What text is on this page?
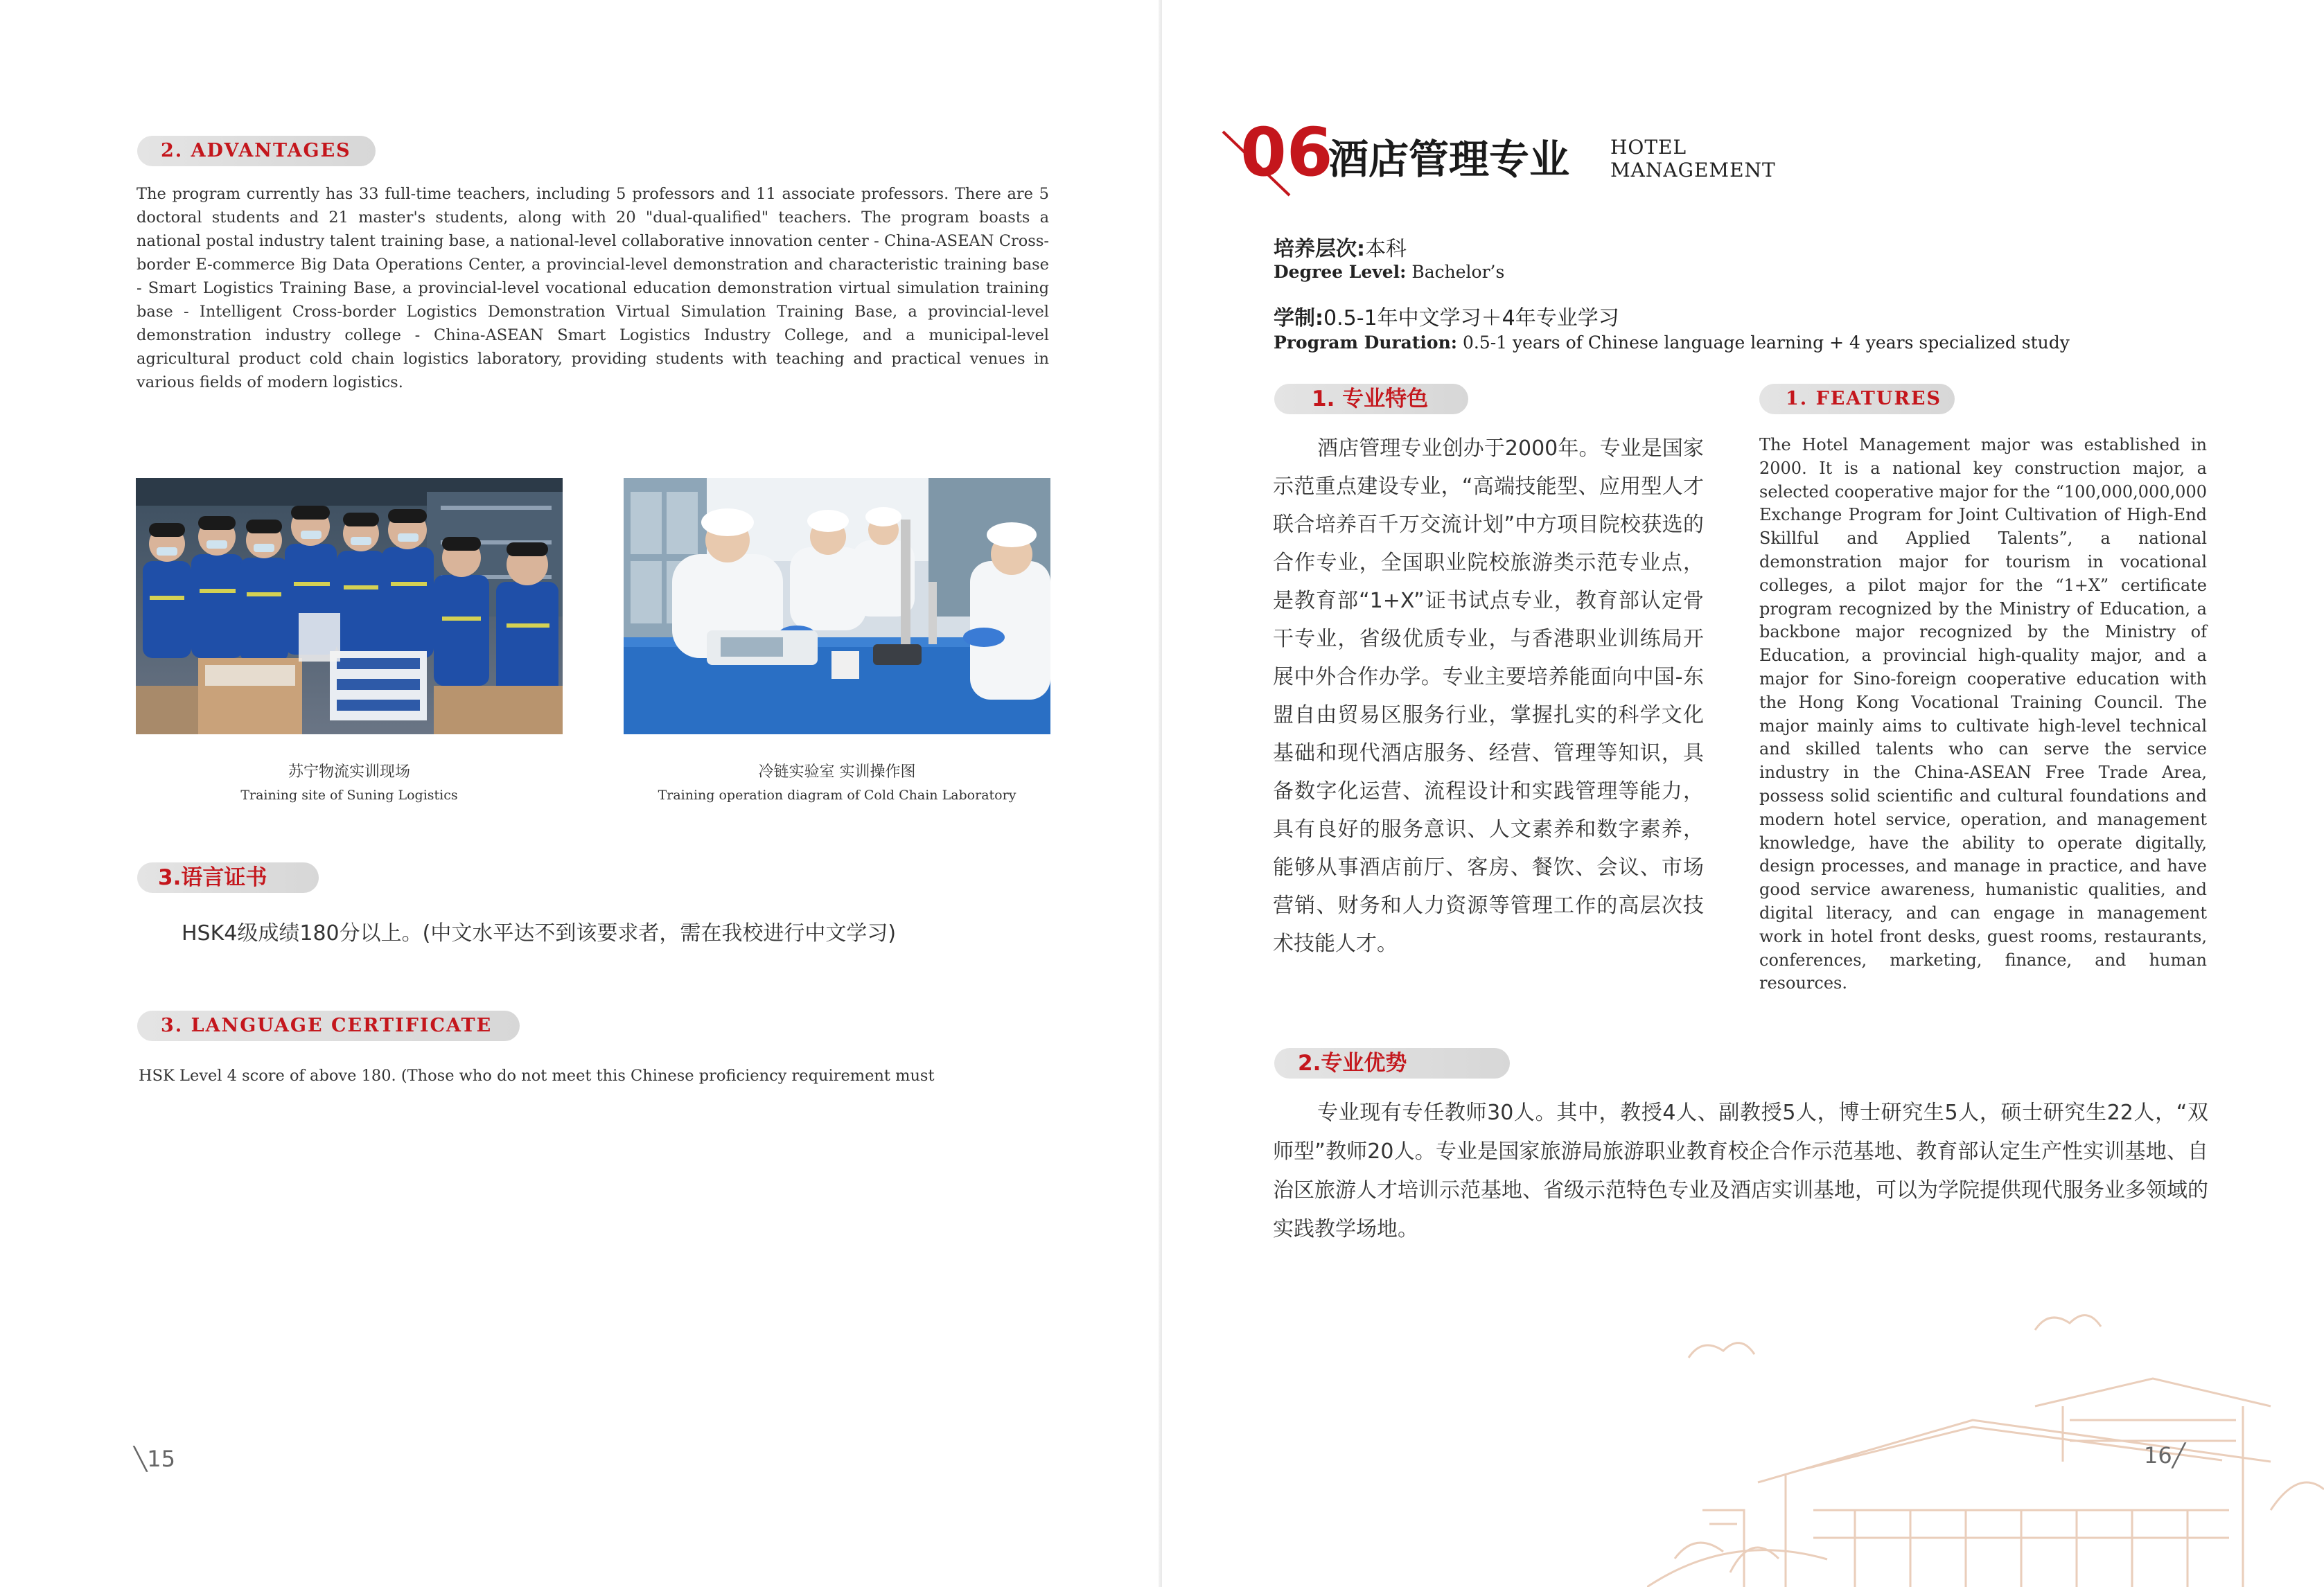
2. ADVANTAGES

The program currently has 33 full-time teachers, including 5 professors and 11 associate professors. There are 5 doctoral students and 21 master's students, along with 20 "dual-qualified" teachers. The program boasts a national postal industry talent training base, a national-level collaborative innovation center - China-ASEAN Cross-border E-commerce Big Data Operations Center, a provincial-level demonstration and characteristic training base - Smart Logistics Training Base, a provincial-level vocational education demonstration virtual simulation training base - Intelligent Cross-border Logistics Demonstration Virtual Simulation Training Base, a provincial-level demonstration industry college - China-ASEAN Smart Logistics Industry College, and a municipal-level agricultural product cold chain logistics laboratory, providing students with teaching and practical venues in various fields of modern logistics.

苏宁物流实训现场
Training site of Suning Logistics
冷链实验室 实训操作图
Training operation diagram of Cold Chain Laboratory
3.语言证书

HSK4级成绩180分以上。(中文水平达不到该要求者，需在我校进行中文学习)

3. LANGUAGE CERTIFICATE

HSK Level 4 score of above 180. (Those who do not meet this Chinese proficiency requirement must

╲15
06
酒店管理专业 HOTEL
MANAGEMENT
培养层次:本科
Degree Level: Bachelor’s
学制:0.5-1年中文学习＋4年专业学习
Program Duration: 0.5-1 years of Chinese language learning + 4 years specialized study
1. 专业特色	1. FEATURES

酒店管理专业创办于2000年。专业是国家示范重点建设专业，“高端技能型、应用型人才联合培养百千万交流计划”中方项目院校获选的合作专业，全国职业院校旅游类示范专业点，是教育部“1+X”证书试点专业，教育部认定骨干专业，省级优质专业，与香港职业训练局开展中外合作办学。专业主要培养能面向中国-东盟自由贸易区服务行业，掌握扎实的科学文化基础和现代酒店服务、经营、管理等知识，具备数字化运营、流程设计和实践管理等能力，具有良好的服务意识、人文素养和数字素养，能够从事酒店前厅、客房、餐饮、会议、市场营销、财务和人力资源等管理工作的高层次技术技能人才。

The Hotel Management major was established in 2000. It is a national key construction major, a selected cooperative major for the “100,000,000,000 Exchange Program for Joint Cultivation of High-End Skillful and Applied Talents”, a national demonstration major for tourism in vocational colleges, a pilot major for the “1+X” certificate program recognized by the Ministry of Education, a backbone major recognized by the Ministry of Education, a provincial high-quality major, and a major for Sino-foreign cooperative education with the Hong Kong Vocational Training Council. The major mainly aims to cultivate high-level technical and skilled talents who can serve the service industry in the China-ASEAN Free Trade Area, possess solid scientific and cultural foundations and modern hotel service, operation, and management knowledge, have the ability to operate digitally, design processes, and manage in practice, and have good service awareness, humanistic qualities, and digital literacy, and can engage in management work in hotel front desks, guest rooms, restaurants, conferences, marketing, finance, and human resources.

2.专业优势

专业现有专任教师30人。其中，教授4人、副教授5人，博士研究生5人，硕士研究生22人，“双师型”教师20人。专业是国家旅游局旅游职业教育校企合作示范基地、教育部认定生产性实训基地、自治区旅游人才培训示范基地、省级示范特色专业及酒店实训基地，可以为学院提供现代服务业多领域的实践教学场地。

16╱
